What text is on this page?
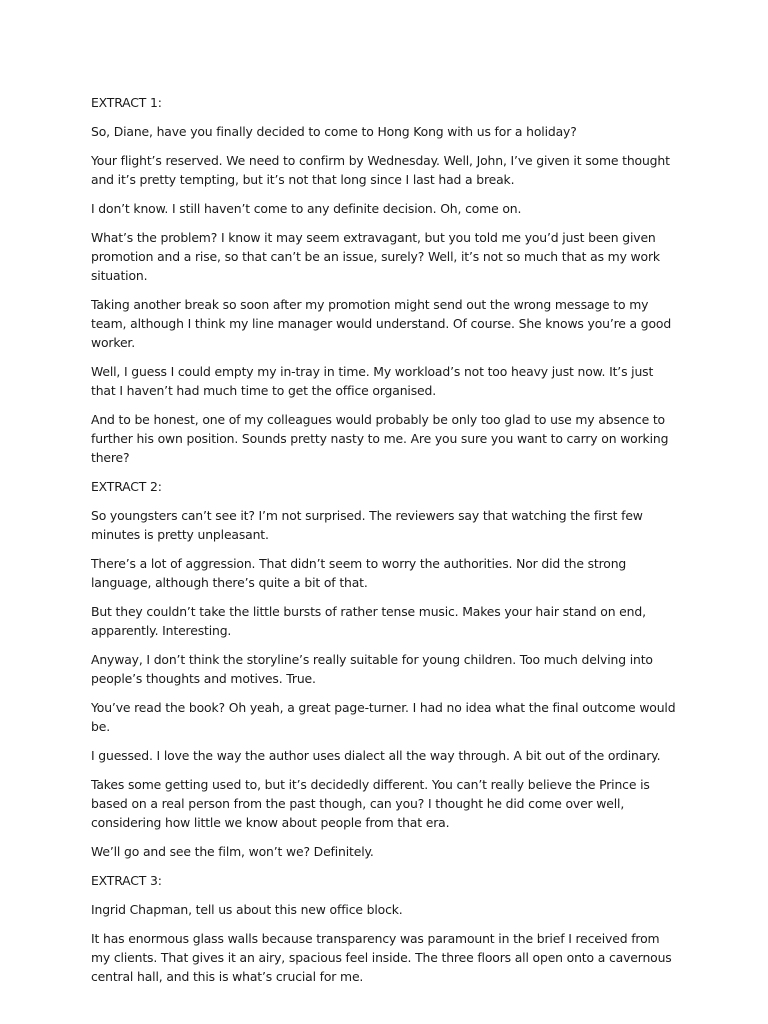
EXTRACT 1:

So, Diane, have you finally decided to come to Hong Kong with us for a holiday?

Your flight’s reserved. We need to confirm by Wednesday. Well, John, I’ve given it some thought and it’s pretty tempting, but it’s not that long since I last had a break.

I don’t know. I still haven’t come to any definite decision. Oh, come on.

What’s the problem? I know it may seem extravagant, but you told me you’d just been given promotion and a rise, so that can’t be an issue, surely? Well, it’s not so much that as my work situation.

Taking another break so soon after my promotion might send out the wrong message to my team, although I think my line manager would understand. Of course. She knows you’re a good worker.

Well, I guess I could empty my in-tray in time. My workload’s not too heavy just now. It’s just that I haven’t had much time to get the office organised.

And to be honest, one of my colleagues would probably be only too glad to use my absence to further his own position. Sounds pretty nasty to me. Are you sure you want to carry on working there?

EXTRACT 2:

So youngsters can’t see it? I’m not surprised. The reviewers say that watching the first few minutes is pretty unpleasant.

There’s a lot of aggression. That didn’t seem to worry the authorities. Nor did the strong language, although there’s quite a bit of that.

But they couldn’t take the little bursts of rather tense music. Makes your hair stand on end, apparently. Interesting.

Anyway, I don’t think the storyline’s really suitable for young children. Too much delving into people’s thoughts and motives. True.

You’ve read the book? Oh yeah, a great page-turner. I had no idea what the final outcome would be.

I guessed. I love the way the author uses dialect all the way through. A bit out of the ordinary.

Takes some getting used to, but it’s decidedly different. You can’t really believe the Prince is based on a real person from the past though, can you? I thought he did come over well, considering how little we know about people from that era.

We’ll go and see the film, won’t we? Definitely.

EXTRACT 3:

Ingrid Chapman, tell us about this new office block.

It has enormous glass walls because transparency was paramount in the brief I received from my clients. That gives it an airy, spacious feel inside. The three floors all open onto a cavernous central hall, and this is what’s crucial for me.
